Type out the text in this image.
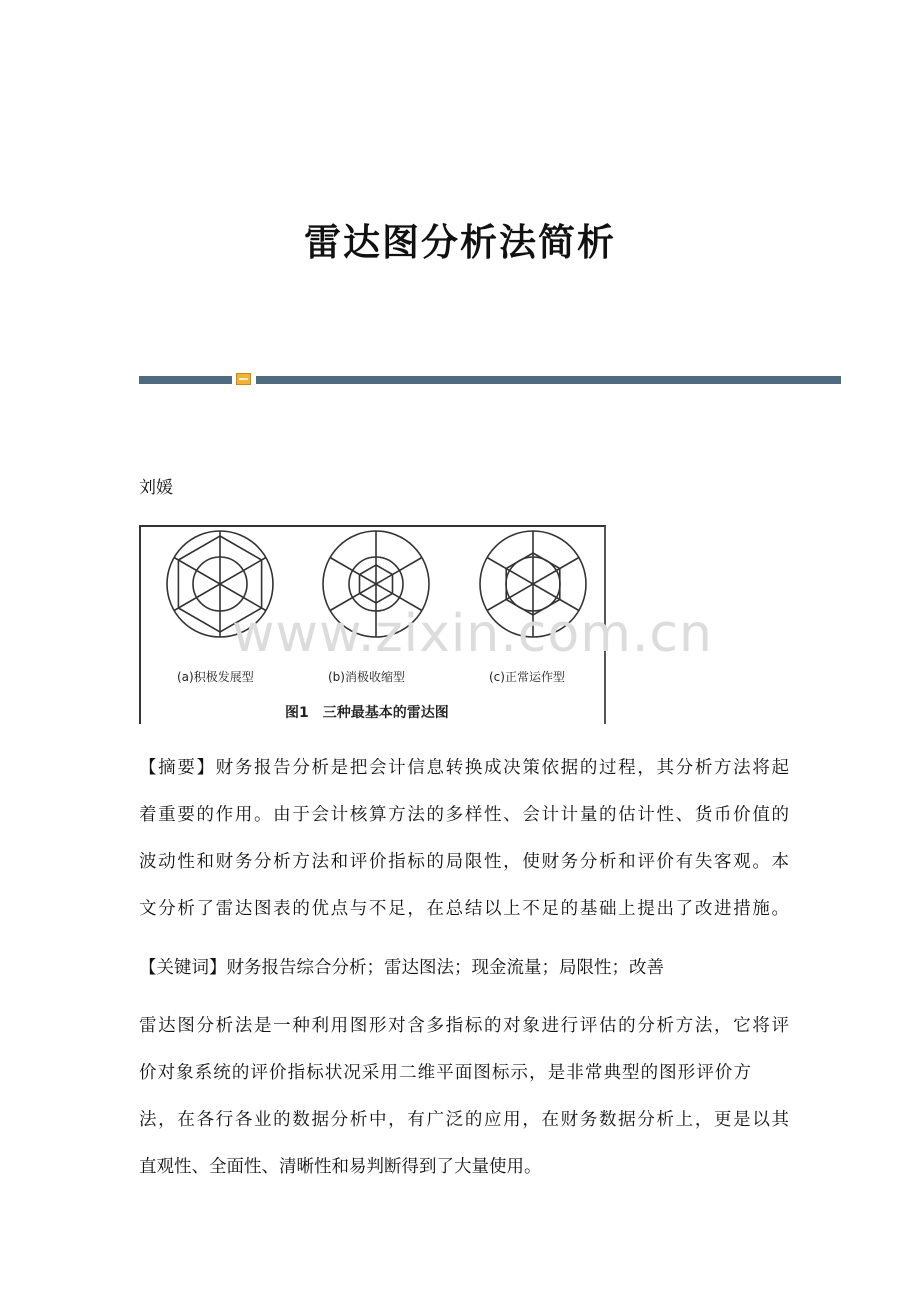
雷达图分析法简析
刘媛
(a)积极发展型	(b)消极收缩型	(c)正常运作型
图1　三种最基本的雷达图
www.zixin.com.cn
【摘要】财务报告分析是把会计信息转换成决策依据的过程，其分析方法将起
着重要的作用。由于会计核算方法的多样性、会计计量的估计性、货币价值的
波动性和财务分析方法和评价指标的局限性，使财务分析和评价有失客观。本
文分析了雷达图表的优点与不足，在总结以上不足的基础上提出了改进措施。
【关键词】财务报告综合分析；雷达图法；现金流量；局限性；改善
雷达图分析法是一种利用图形对含多指标的对象进行评估的分析方法，它将评
价对象系统的评价指标状况采用二维平面图标示，是非常典型的图形评价方
法，在各行各业的数据分析中，有广泛的应用，在财务数据分析上，更是以其
直观性、全面性、清晰性和易判断得到了大量使用。
